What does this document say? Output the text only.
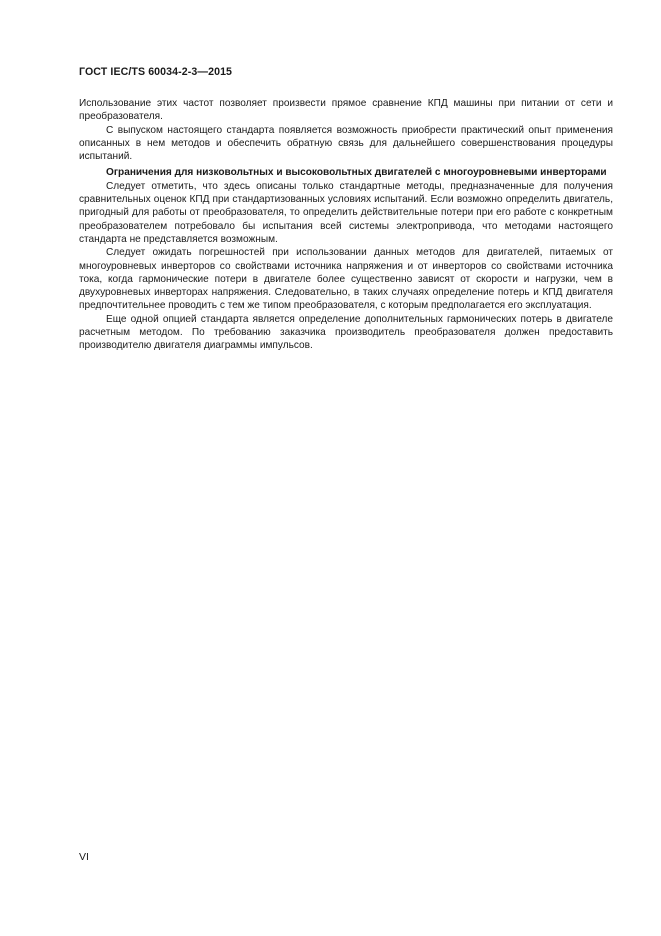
ГОСТ IEC/TS 60034-2-3—2015

Использование этих частот позволяет произвести прямое сравнение КПД машины при питании от сети и преобразователя.

С выпуском настоящего стандарта появляется возможность приобрести практический опыт применения описанных в нем методов и обеспечить обратную связь для дальнейшего совершенствования процедуры испытаний.

Ограничения для низковольтных и высоковольтных двигателей с многоуровневыми инверторами

Следует отметить, что здесь описаны только стандартные методы, предназначенные для получения сравнительных оценок КПД при стандартизованных условиях испытаний. Если возможно определить двигатель, пригодный для работы от преобразователя, то определить действительные потери при его работе с конкретным преобразователем потребовало бы испытания всей системы электропривода, что методами настоящего стандарта не представляется возможным.

Следует ожидать погрешностей при использовании данных методов для двигателей, питаемых от многоуровневых инверторов со свойствами источника напряжения и от инверторов со свойствами источника тока, когда гармонические потери в двигателе более существенно зависят от скорости и нагрузки, чем в двухуровневых инверторах напряжения. Следовательно, в таких случаях определение потерь и КПД двигателя предпочтительнее проводить с тем же типом преобразователя, с которым предполагается его эксплуатация.

Еще одной опцией стандарта является определение дополнительных гармонических потерь в двигателе расчетным методом. По требованию заказчика производитель преобразователя должен предоставить производителю двигателя диаграммы импульсов.

VI
